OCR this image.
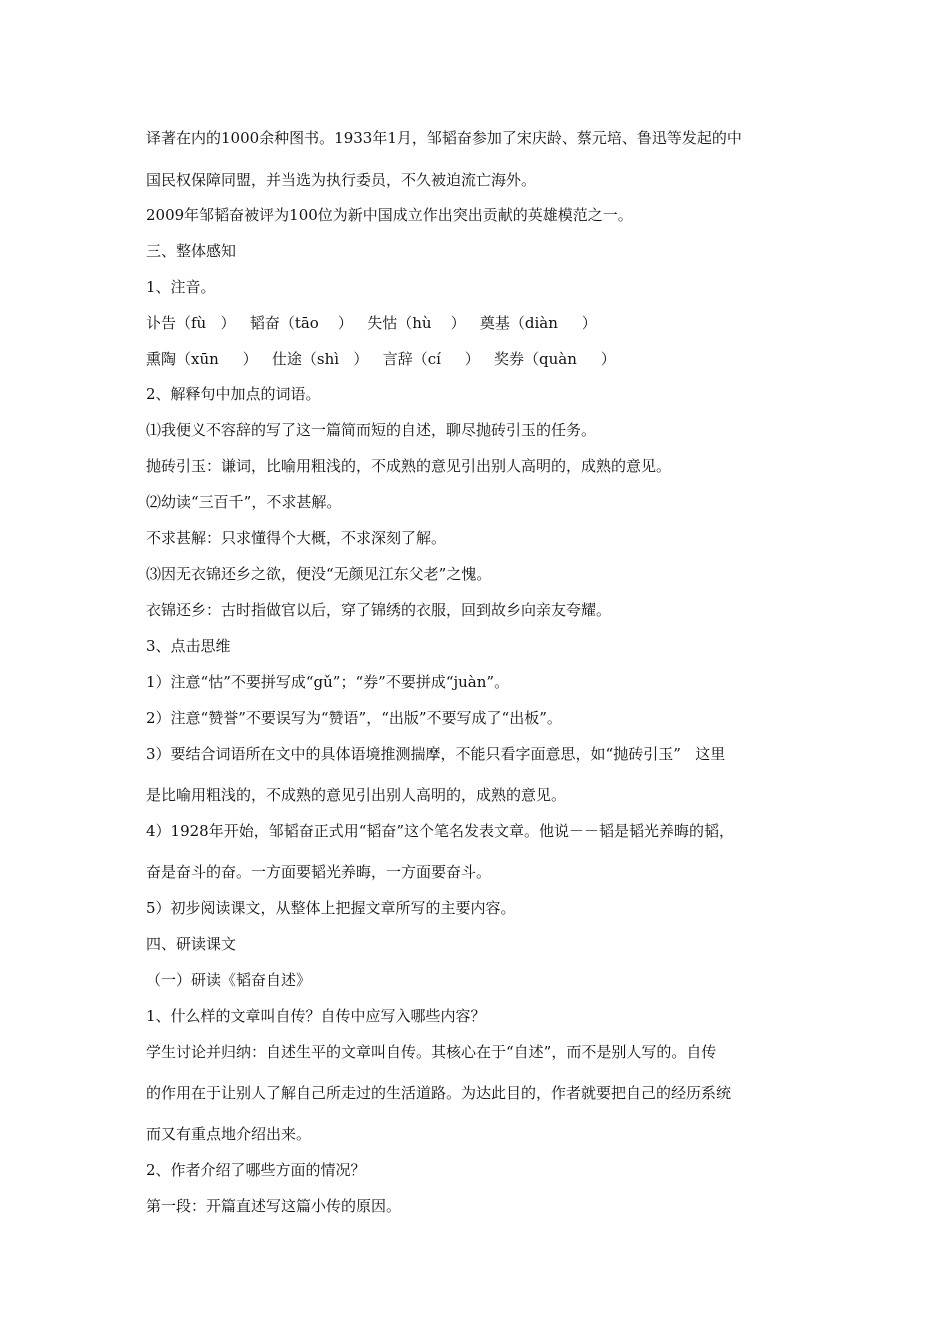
译著在内的1000余种图书。1933年1月，邹韬奋参加了宋庆龄、蔡元培、鲁迅等发起的中
国民权保障同盟，并当选为执行委员，不久被迫流亡海外。
2009年邹韬奋被评为100位为新中国成立作出突出贡献的英雄模范之一。
三、整体感知
1、注音。
讣告（fù   ）   韬奋（tāo    ）   失怙（hù    ）   奠基（diàn     ）
熏陶（xūn     ）   仕途（shì   ）   言辞（cí     ）   奖券（quàn     ）
2、解释句中加点的词语。
⑴我便义不容辞的写了这一篇简而短的自述，聊尽抛砖引玉的任务。
抛砖引玉：谦词，比喻用粗浅的，不成熟的意见引出别人高明的，成熟的意见。
⑵幼读“三百千”，不求甚解。
不求甚解：只求懂得个大概，不求深刻了解。
⑶因无衣锦还乡之欲，便没“无颜见江东父老”之愧。
衣锦还乡：古时指做官以后，穿了锦绣的衣服，回到故乡向亲友夸耀。
3、点击思维
1）注意“怙”不要拼写成“gǔ”；“券”不要拼成“juàn”。
2）注意“赞誉”不要误写为“赞语”，“出版”不要写成了“出板”。
3）要结合词语所在文中的具体语境推测揣摩，不能只看字面意思，如“抛砖引玉”   这里
是比喻用粗浅的，不成熟的意见引出别人高明的，成熟的意见。
4）1928年开始，邹韬奋正式用“韬奋”这个笔名发表文章。他说－－韬是韬光养晦的韬，
奋是奋斗的奋。一方面要韬光养晦，一方面要奋斗。
5）初步阅读课文，从整体上把握文章所写的主要内容。
四、研读课文
（一）研读《韬奋自述》
1、什么样的文章叫自传？自传中应写入哪些内容？
学生讨论并归纳：自述生平的文章叫自传。其核心在于“自述”，而不是别人写的。自传
的作用在于让别人了解自己所走过的生活道路。为达此目的，作者就要把自己的经历系统
而又有重点地介绍出来。
2、作者介绍了哪些方面的情况？
第一段：开篇直述写这篇小传的原因。
